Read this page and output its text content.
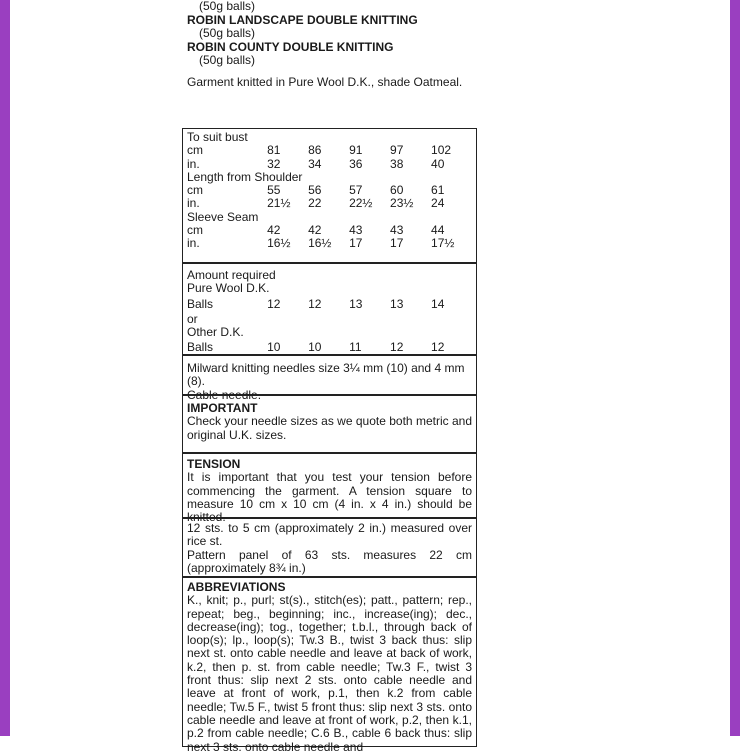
(50g balls)
ROBIN LANDSCAPE DOUBLE KNITTING
(50g balls)
ROBIN COUNTY DOUBLE KNITTING
(50g balls)
Garment knitted in Pure Wool D.K., shade Oatmeal.
To suit bust
cm	81	86	91	97	102
in.	32	34	36	38	40
Length from Shoulder
cm	55	56	57	60	61
in.	21½	22	22½	23½	24
Sleeve Seam
cm	42	42	43	43	44
in.	16½	16½	17	17	17½
Amount required
Pure Wool D.K.
Balls	12	12	13	13	14
or
Other D.K.
Balls	10	10	11	12	12

Milward knitting needles size 3¼ mm (10) and 4 mm (8).

Cable needle.

IMPORTANT

Check your needle sizes as we quote both metric and original U.K. sizes.

TENSION

It is important that you test your tension before commencing the garment. A tension square to measure 10 cm x 10 cm (4 in. x 4 in.) should be knitted.

12 sts. to 5 cm (approximately 2 in.) measured over rice st.

Pattern panel of 63 sts. measures 22 cm (approximately 8¾ in.)

ABBREVIATIONS

K., knit; p., purl; st(s)., stitch(es); patt., pattern; rep., repeat; beg., beginning; inc., increase(ing); dec., decrease(ing); tog., together; t.b.l., through back of loop(s); lp., loop(s); Tw.3 B., twist 3 back thus: slip next st. onto cable needle and leave at back of work, k.2, then p. st. from cable needle; Tw.3 F., twist 3 front thus: slip next 2 sts. onto cable needle and leave at front of work, p.1, then k.2 from cable needle; Tw.5 F., twist 5 front thus: slip next 3 sts. onto cable needle and leave at front of work, p.2, then k.1, p.2 from cable needle; C.6 B., cable 6 back thus: slip next 3 sts. onto cable needle and
